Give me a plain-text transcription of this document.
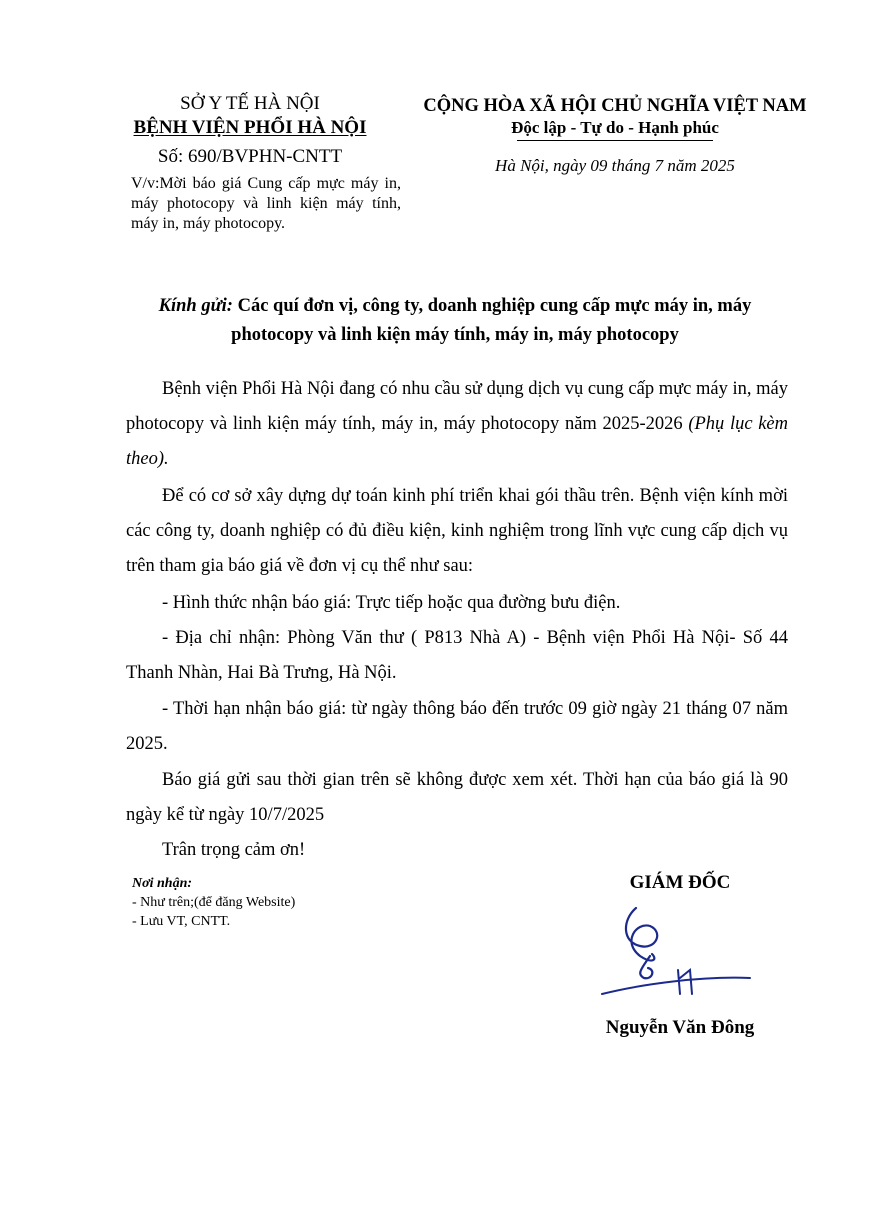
SỞ Y TẾ HÀ NỘI
BỆNH VIỆN PHỔI HÀ NỘI
Số: 690/BVPHN-CNTT
V/v:Mời báo giá Cung cấp mực máy in, máy photocopy và linh kiện máy tính, máy in, máy photocopy.
CỘNG HÒA XÃ HỘI CHỦ NGHĨA VIỆT NAM
Độc lập - Tự do - Hạnh phúc
Hà Nội, ngày 09 tháng 7 năm 2025
Kính gửi: Các quí đơn vị, công ty, doanh nghiệp cung cấp mực máy in, máy photocopy và linh kiện máy tính, máy in, máy photocopy
Bệnh viện Phổi Hà Nội đang có nhu cầu sử dụng dịch vụ cung cấp mực máy in, máy photocopy và linh kiện máy tính, máy in, máy photocopy năm 2025-2026 (Phụ lục kèm theo).
Để có cơ sở xây dựng dự toán kinh phí triển khai gói thầu trên. Bệnh viện kính mời các công ty, doanh nghiệp có đủ điều kiện, kinh nghiệm trong lĩnh vực cung cấp dịch vụ trên tham gia báo giá về đơn vị cụ thể như sau:
- Hình thức nhận báo giá: Trực tiếp hoặc qua đường bưu điện.
- Địa chỉ nhận: Phòng Văn thư ( P813 Nhà A) - Bệnh viện Phổi Hà Nội- Số 44 Thanh Nhàn, Hai Bà Trưng, Hà Nội.
- Thời hạn nhận báo giá: từ ngày thông báo đến trước 09 giờ ngày 21 tháng 07 năm 2025.
Báo giá gửi sau thời gian trên sẽ không được xem xét. Thời hạn của báo giá là 90 ngày kể từ ngày 10/7/2025
Trân trọng cảm ơn!
Nơi nhận:
- Như trên;(để đăng Website)
- Lưu VT, CNTT.
GIÁM ĐỐC
Nguyễn Văn Đông
